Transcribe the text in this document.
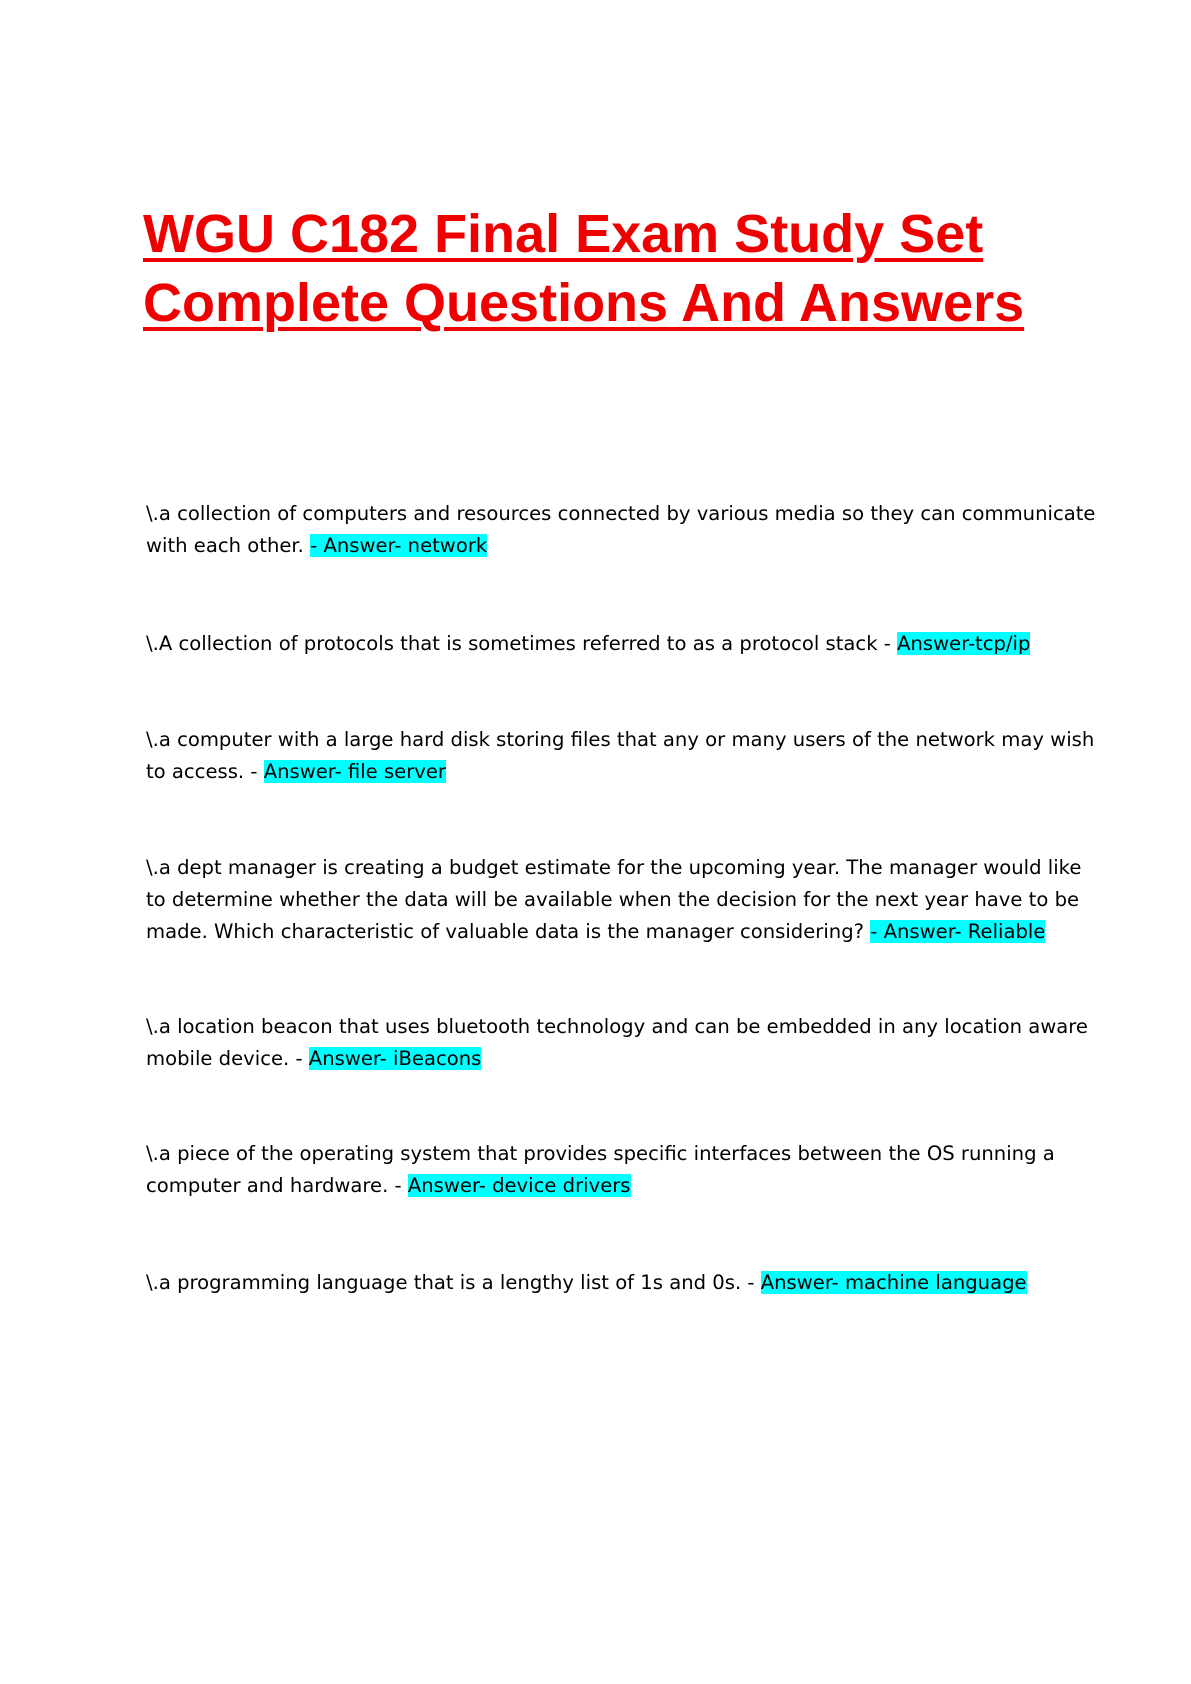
WGU C182 Final Exam Study Set
Complete Questions And Answers

\.a collection of computers and resources connected by various media so they can communicate with each other. - Answer- network

\.A collection of protocols that is sometimes referred to as a protocol stack - Answer-tcp/ip

\.a computer with a large hard disk storing files that any or many users of the network may wish to access. - Answer- file server

\.a dept manager is creating a budget estimate for the upcoming year. The manager would like to determine whether the data will be available when the decision for the next year have to be made. Which characteristic of valuable data is the manager considering? - Answer- Reliable

\.a location beacon that uses bluetooth technology and can be embedded in any location aware mobile device. - Answer- iBeacons

\.a piece of the operating system that provides specific interfaces between the OS running a computer and hardware. - Answer- device drivers

\.a programming language that is a lengthy list of 1s and 0s. - Answer- machine language
